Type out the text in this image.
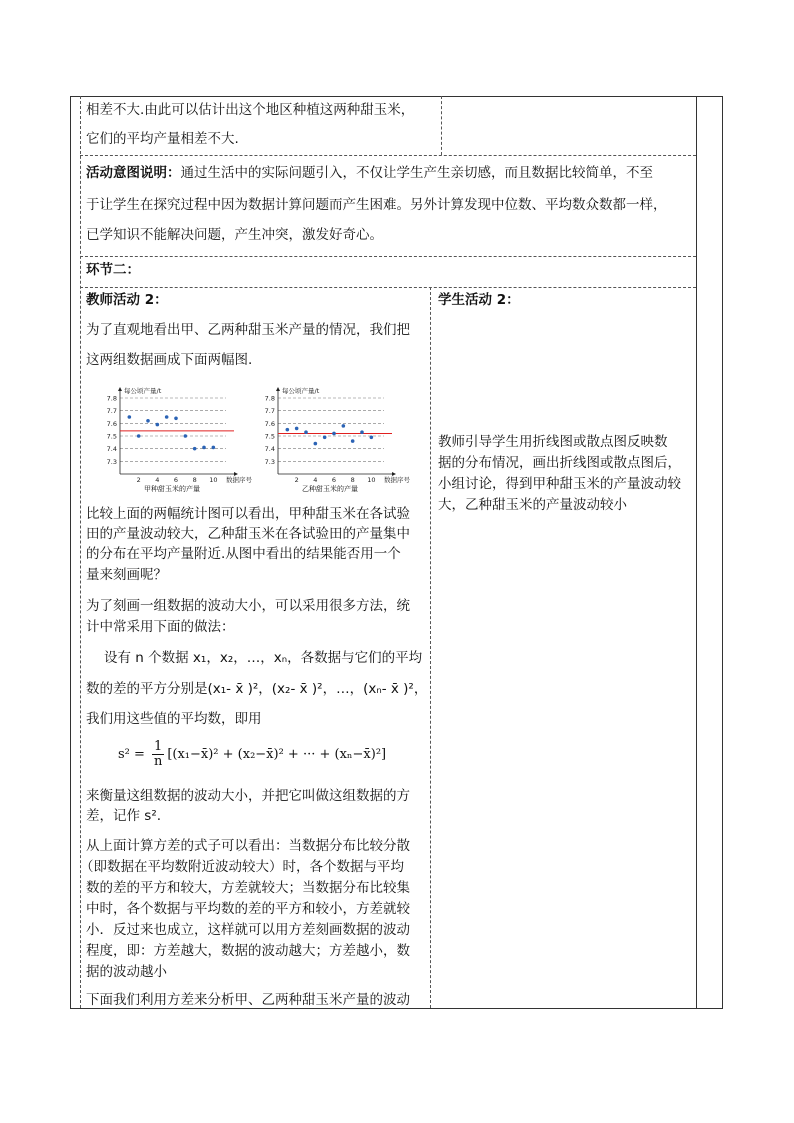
相差不大.由此可以估计出这个地区种植这两种甜玉米，
它们的平均产量相差不大.
活动意图说明：通过生活中的实际问题引入，不仅让学生产生亲切感，而且数据比较简单，不至
于让学生在探究过程中因为数据计算问题而产生困难。另外计算发现中位数、平均数众数都一样，
已学知识不能解决问题，产生冲突，激发好奇心。
环节二：
教师活动 2：
为了直观地看出甲、乙两种甜玉米产量的情况，我们把
这两组数据画成下面两幅图.
7.8
7.7
7.6
7.5
7.4
7.3
每公顷产量/t
2 4 6 8 10 数据序号
甲种甜玉米的产量
7.8
7.7
7.6
7.5
7.4
7.3
每公顷产量/t
2 4 6 8 10 数据序号
乙种甜玉米的产量
比较上面的两幅统计图可以看出，甲种甜玉米在各试验
田的产量波动较大，乙种甜玉米在各试验田的产量集中
的分布在平均产量附近.从图中看出的结果能否用一个
量来刻画呢？
为了刻画一组数据的波动大小，可以采用很多方法，统
计中常采用下面的做法：
设有 n 个数据 x₁，x₂，…，xₙ，各数据与它们的平均
数的差的平方分别是(x₁- x̄ )²，(x₂- x̄ )²，…，(xₙ- x̄ )²，
我们用这些值的平均数，即用
$s^2 = \frac{1}{n}$ [(x₁−x̄)² + (x₂−x̄)² + ··· + (xₙ−x̄)²]
来衡量这组数据的波动大小，并把它叫做这组数据的方
差，记作 s².
从上面计算方差的式子可以看出：当数据分布比较分散
（即数据在平均数附近波动较大）时，各个数据与平均
数的差的平方和较大，方差就较大；当数据分布比较集
中时，各个数据与平均数的差的平方和较小，方差就较
小．反过来也成立，这样就可以用方差刻画数据的波动
程度，即：方差越大，数据的波动越大；方差越小，数
据的波动越小
下面我们利用方差来分析甲、乙两种甜玉米产量的波动
学生活动 2：
教师引导学生用折线图或散点图反映数
据的分布情况，画出折线图或散点图后，
小组讨论，得到甲种甜玉米的产量波动较
大，乙种甜玉米的产量波动较小
